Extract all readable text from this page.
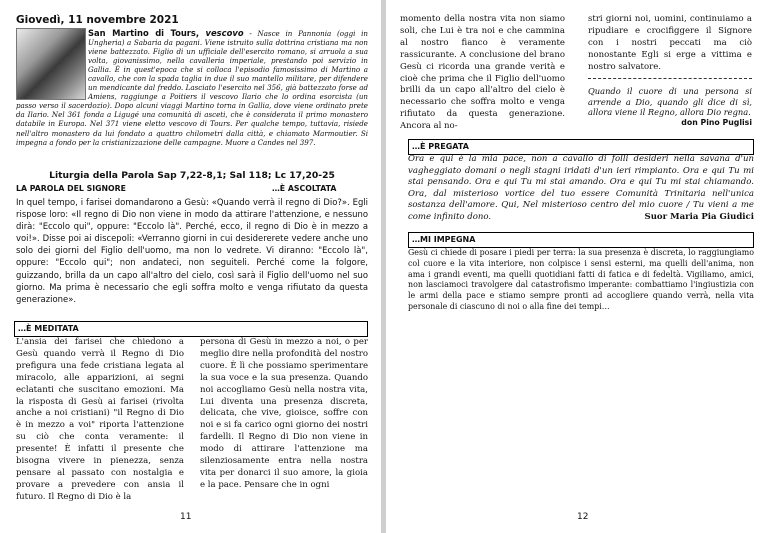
Giovedì, 11 novembre 2021
San Martino di Tours, vescovo - Nasce in Pannonia (oggi in Ungheria) a Sabaria da pagani. Viene istruito sulla dottrina cristiana ma non viene battezzato. Figlio di un ufficiale dell'esercito romano, si arruola a sua volta, giovanissimo, nella cavalleria imperiale, prestando poi servizio in Gallia. È in quest'epoca che si colloca l'episodio famosissimo di Martino a cavallo, che con la spada taglia in due il suo mantello militare, per difendere un mendicante dal freddo. Lasciato l'esercito nel 356, già battezzato forse ad Amiens, raggiunge a Poitiers il vescovo Ilario che lo ordina esorcista (un passo verso il sacerdozio). Dopo alcuni viaggi Martino torna in Gallia, dove viene ordinato prete da Ilario. Nel 361 fonda a Ligugé una comunità di asceti, che è considerata il primo monastero databile in Europa. Nel 371 viene eletto vescovo di Tours. Per qualche tempo, tuttavia, risiede nell'altro monastero da lui fondato a quattro chilometri dalla città, e chiamato Marmoutier. Si impegna a fondo per la cristianizzazione delle campagne. Muore a Candes nel 397.
Liturgia della Parola Sap 7,22-8,1; Sal 118; Lc 17,20-25
LA PAROLA DEL SIGNORE	…È ASCOLTATA
In quel tempo, i farisei domandarono a Gesù: «Quando verrà il regno di Dio?». Egli rispose loro: «Il regno di Dio non viene in modo da attirare l'attenzione, e nessuno dirà: "Eccolo qui", oppure: "Eccolo là". Perché, ecco, il regno di Dio è in mezzo a voi!». Disse poi ai discepoli: «Verranno giorni in cui desidererete vedere anche uno solo dei giorni del Figlio dell'uomo, ma non lo vedrete. Vi diranno: "Eccolo là", oppure: "Eccolo qui"; non andateci, non seguiteli. Perché come la folgore, guizzando, brilla da un capo all'altro del cielo, così sarà il Figlio dell'uomo nel suo giorno. Ma prima è necessario che egli soffra molto e venga rifiutato da questa generazione».
…È MEDITATA
L'ansia dei farisei che chiedono a Gesù quando verrà il Regno di Dio prefigura una fede cristiana legata al miracolo, alle apparizioni, ai segni eclatanti che suscitano emozioni. Ma la risposta di Gesù ai farisei (rivolta anche a noi cristiani) "il Regno di Dio è in mezzo a voi" riporta l'attenzione su ciò che conta veramente: il presente! È infatti il presente che bisogna vivere in pienezza, senza pensare al passato con nostalgia e provare a prevedere con ansia il futuro. Il Regno di Dio è la
persona di Gesù in mezzo a noi, o per meglio dire nella profondità del nostro cuore. È lì che possiamo sperimentare la sua voce e la sua presenza. Quando noi accogliamo Gesù nella nostra vita, Lui diventa una presenza discreta, delicata, che vive, gioisce, soffre con noi e si fa carico ogni giorno dei nostri fardelli. Il Regno di Dio non viene in modo di attirare l'attenzione ma silenziosamente entra nella nostra vita per donarci il suo amore, la gioia e la pace. Pensare che in ogni
11
momento della nostra vita non siamo soli, che Lui è tra noi e che cammina al nostro fianco è veramente rassicurante. A conclusione del brano Gesù ci ricorda una grande verità e cioè che prima che il Figlio dell'uomo brilli da un capo all'altro del cielo è necessario che soffra molto e venga rifiutato da questa generazione. Ancora al no-
stri giorni noi, uomini, continuiamo a ripudiare e crocifiggere il Signore con i nostri peccati ma ciò nonostante Egli si erge a vittima e nostro salvatore.
Quando il cuore di una persona si arrende a Dio, quando gli dice di sì, allora viene il Regno, allora Dio regna.
don Pino Puglisi
…È PREGATA
Ora e qui è la mia pace, non a cavallo di folli desideri nella savana d'un vagheggiato domani o negli stagni iridati d'un ieri rimpianto. Ora e qui Tu mi stai pensando. Ora e qui Tu mi stai amando. Ora e qui Tu mi stai chiamando. Ora, dal misterioso vortice del tuo essere Comunità Trinitaria nell'unica sostanza dell'amore. Qui, Nel misterioso centro del mio cuore / Tu vieni a me come infinito dono.	Suor Maria Pia Giudici
…MI IMPEGNA
Gesù ci chiede di posare i piedi per terra: la sua presenza è discreta, lo raggiungiamo col cuore e la vita interiore, non colpisce i sensi esterni, ma quelli dell'anima, non ama i grandi eventi, ma quelli quotidiani fatti di fatica e di fedeltà. Vigiliamo, amici, non lasciamoci travolgere dal catastrofismo imperante: combattiamo l'ingiustizia con le armi della pace e stiamo sempre pronti ad accogliere quando verrà, nella vita personale di ciascuno di noi o alla fine dei tempi…
12
